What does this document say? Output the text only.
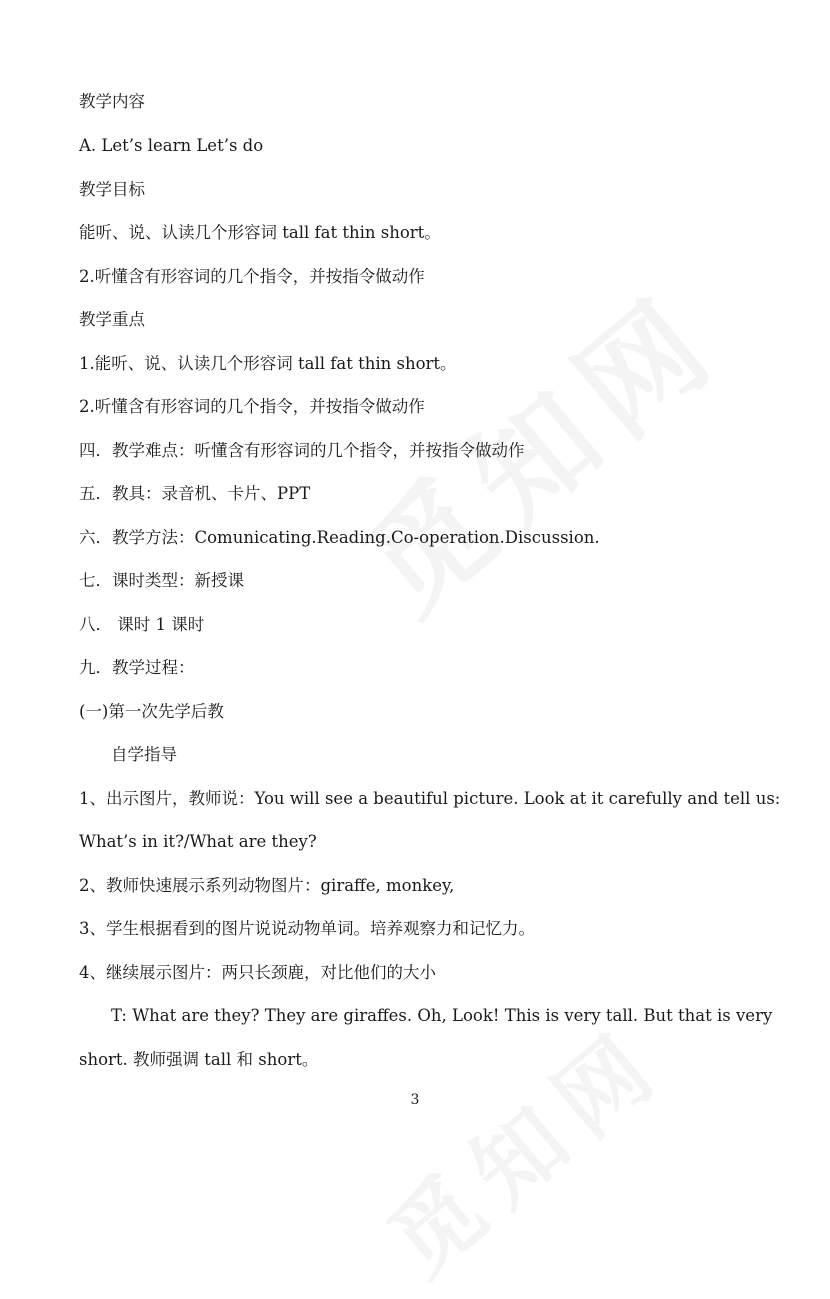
教学内容
A. Let’s learn Let’s do
教学目标
能听、说、认读几个形容词 tall fat thin short。
2.听懂含有形容词的几个指令，并按指令做动作
教学重点
1.能听、说、认读几个形容词 tall fat thin short。
2.听懂含有形容词的几个指令，并按指令做动作
四．教学难点：听懂含有形容词的几个指令，并按指令做动作
五．教具：录音机、卡片、PPT
六．教学方法：Comunicating.Reading.Co-operation.Discussion.
七．课时类型：新授课
八． 课时 1 课时
九．教学过程：
(一)第一次先学后教
自学指导
1、出示图片，教师说：You will see a beautiful picture. Look at it carefully and tell us:
What’s in it?/What are they?
2、教师快速展示系列动物图片：giraffe, monkey,
3、学生根据看到的图片说说动物单词。培养观察力和记忆力。
4、继续展示图片：两只长颈鹿，对比他们的大小
T: What are they? They are giraffes. Oh, Look! This is very tall. But that is very
short. 教师强调 tall 和 short。
3
